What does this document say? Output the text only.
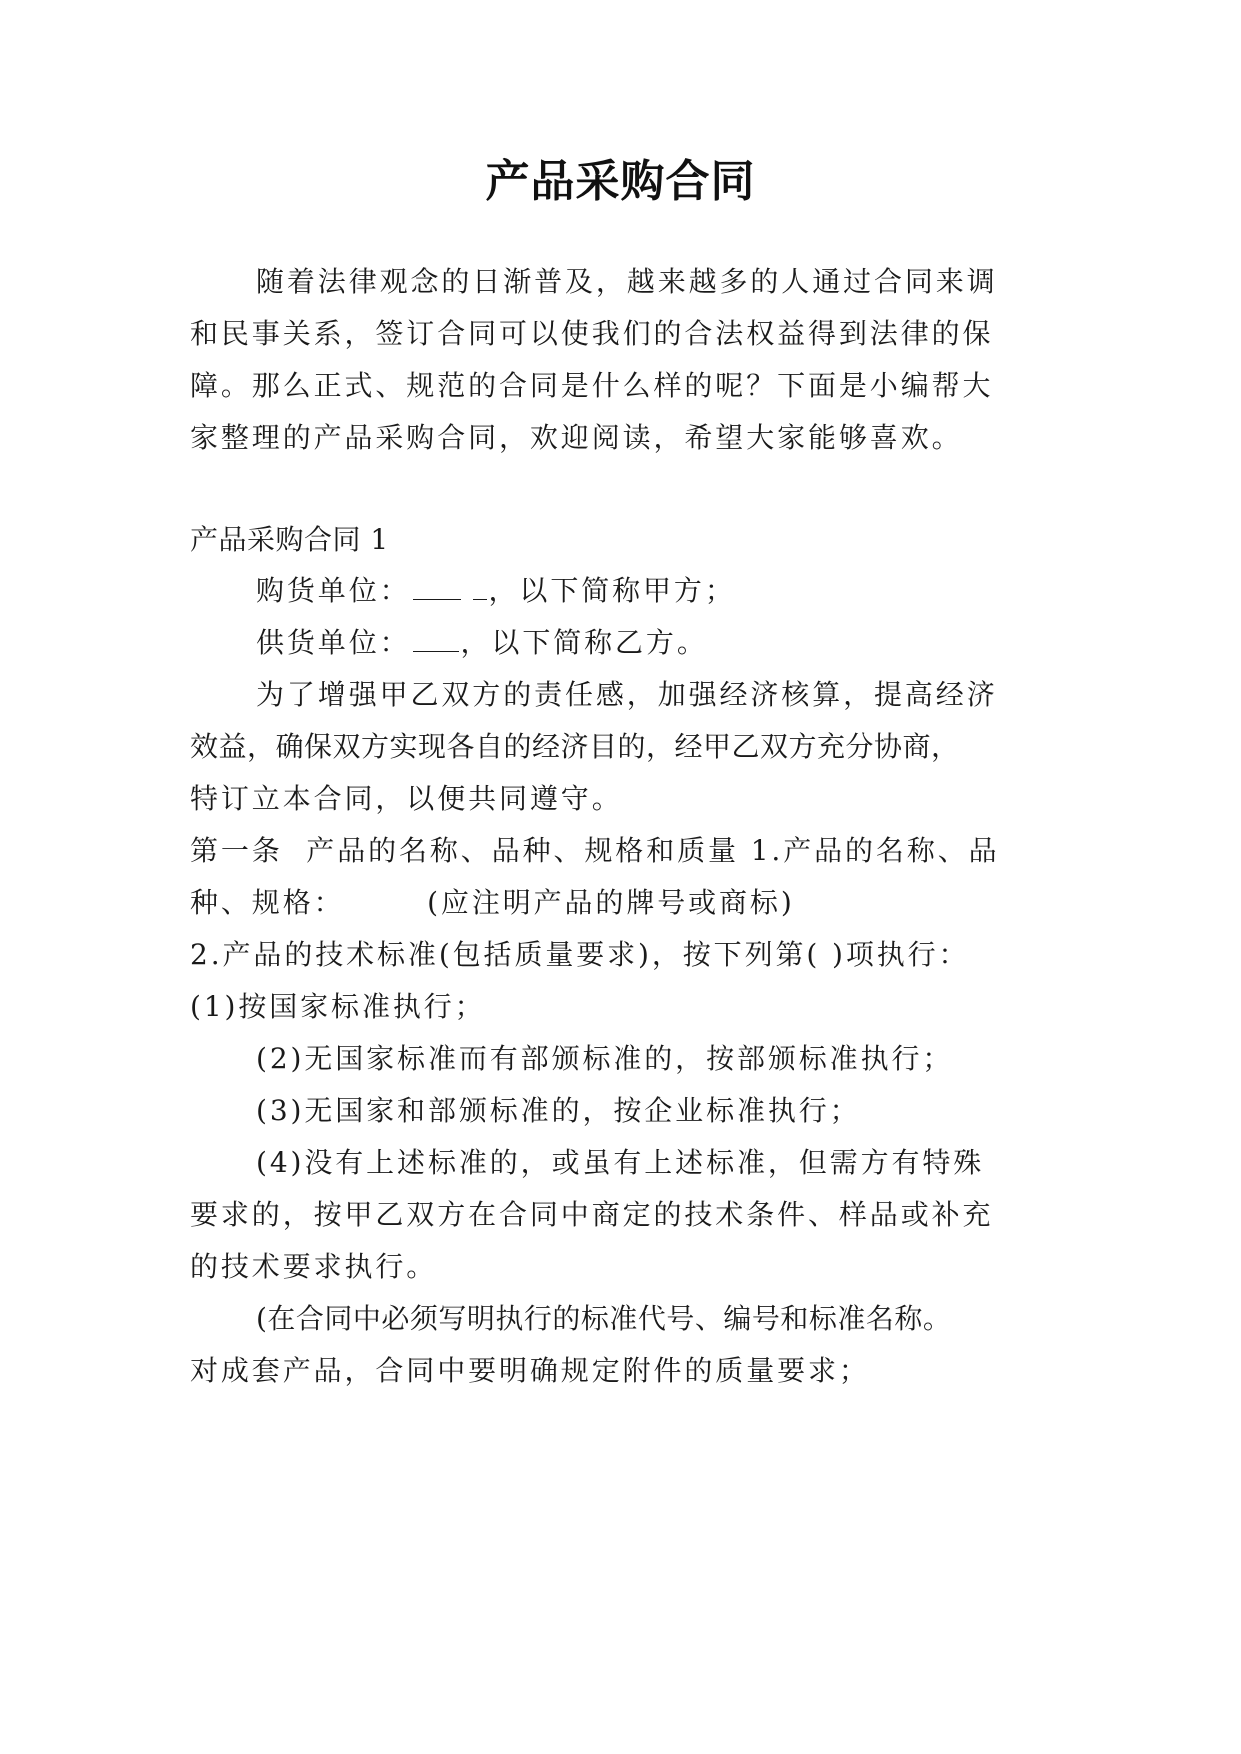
产品采购合同
随着法律观念的日渐普及，越来越多的人通过合同来调
和民事关系，签订合同可以使我们的合法权益得到法律的保
障。那么正式、规范的合同是什么样的呢？下面是小编帮大
家整理的产品采购合同，欢迎阅读，希望大家能够喜欢。
产品采购合同 1
购货单位：	，以下简称甲方；
供货单位： ，以下简称乙方。
为了增强甲乙双方的责任感，加强经济核算，提高经济
效益，确保双方实现各自的经济目的，经甲乙双方充分协商，
特订立本合同，以便共同遵守。
第一条  产品的名称、品种、规格和质量 1.产品的名称、品
种、规格：       (应注明产品的牌号或商标)
2.产品的技术标准(包括质量要求)，按下列第( )项执行：
(1)按国家标准执行；
(2)无国家标准而有部颁标准的，按部颁标准执行；
(3)无国家和部颁标准的，按企业标准执行；
(4)没有上述标准的，或虽有上述标准，但需方有特殊
要求的，按甲乙双方在合同中商定的技术条件、样品或补充
的技术要求执行。
(在合同中必须写明执行的标准代号、编号和标准名称。
对成套产品，合同中要明确规定附件的质量要求；
